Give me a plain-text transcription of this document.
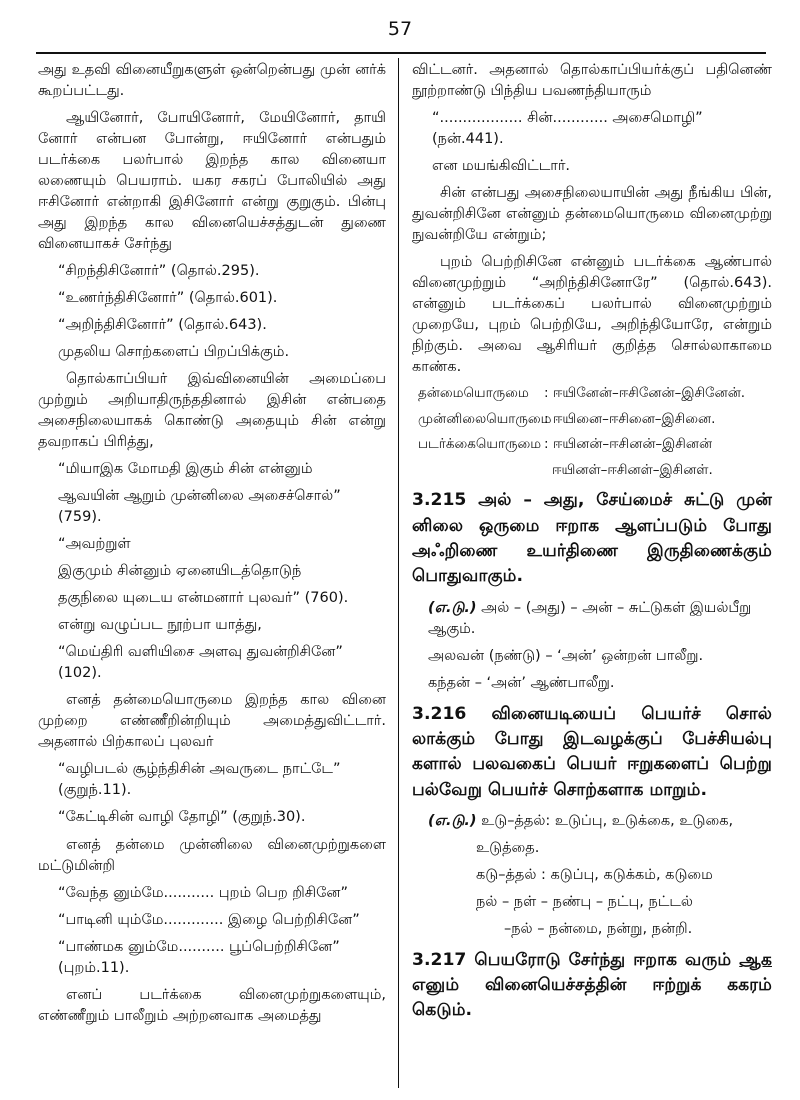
57

அது உதவி வினையீறுகளுள் ஒன்றென்பது முன் னர்க் கூறப்பட்டது.

ஆயினோர், போயினோர், மேயினோர், தாயி னோர் என்பன போன்று, ஈயினோர் என்பதும் படர்க்கை பலர்பால் இறந்த கால வினையா லணையும் பெயராம். யகர சகரப் போலியில் அது ஈசினோர் என்றாகி இசினோர் என்று குறுகும். பின்பு அது இறந்த கால வினையெச்சத்துடன் துணை வினையாகச் சேர்ந்து

“சிறந்திசினோர்” (தொல்.295).

“உணர்ந்திசினோர்” (தொல்.601).

“அறிந்திசினோர்” (தொல்.643).

முதலிய சொற்களைப் பிறப்பிக்கும்.

தொல்காப்பியர் இவ்வினையின் அமைப்பை முற்றும் அறியாதிருந்ததினால் இசின் என்பதை அசைநிலையாகக் கொண்டு அதையும் சின் என்று தவறாகப் பிரித்து,

“மியாஇக மோமதி இகும் சின் என்னும்

ஆவயின் ஆறும் முன்னிலை அசைச்சொல்” (759).

“அவற்றுள்

இகுமும் சின்னும் ஏனையிடத்தொடுந்

தகுநிலை யுடைய என்மனார் புலவர்” (760).

என்று வழுப்பட நூற்பா யாத்து,

“மெய்திரி வளியிசை அளவு துவன்றிசினே” (102).

எனத் தன்மையொருமை இறந்த கால வினை முற்றை எண்ணீறின்றியும் அமைத்துவிட்டார். அதனால் பிற்காலப் புலவர்

“வழிபடல் சூழ்ந்திசின் அவருடை நாட்டே” (குறுந்.11).

“கேட்டிசின் வாழி தோழி” (குறுந்.30).

எனத் தன்மை முன்னிலை வினைமுற்றுகளை மட்டுமின்றி

“வேந்த னும்மே........... புறம் பெற றிசினே”

“பாடினி யும்மே............. இழை பெற்றிசினே”

“பாண்மக னும்மே.......... பூப்பெற்றிசினே” (புறம்.11).

எனப் படர்க்கை வினைமுற்றுகளையும், எண்ணீறும் பாலீறும் அற்றனவாக அமைத்து

விட்டனர். அதனால் தொல்காப்பியர்க்குப் பதினெண் நூற்றாண்டு பிந்திய பவணந்தியாரும்

“.................. சின்............ அசைமொழி” (நன்.441).

என மயங்கிவிட்டார்.

சின் என்பது அசைநிலையாயின் அது நீங்கிய பின், துவன்றிசினே என்னும் தன்மையொருமை வினைமுற்று நுவன்றியே என்றும்;

புறம் பெற்றிசினே என்னும் படர்க்கை ஆண்பால் வினைமுற்றும் “அறிந்திசினோரே” (தொல்.643). என்னும் படர்க்கைப் பலர்பால் வினைமுற்றும் முறையே, புறம் பெற்றியே, அறிந்தியோரே, என்றும் நிற்கும். அவை ஆசிரியர் குறித்த சொல்லாகாமை காண்க.

தன்மையொருமை	: ஈயினேன்–ஈசினேன்–இசினேன்.
முன்னிலையொருமை
: ஈயினை–ஈசினை–இசினை.
படர்க்கையொருமை : ஈயினன்–ஈசினன்–இசினன்
ஈயினள்–ஈசினள்–இசினள்.

3.215 அல் – அது, சேய்மைச் சுட்டு முன் னிலை ஒருமை ஈறாக ஆளப்படும் போது அஃறிணை உயர்திணை இருதிணைக்கும் பொதுவாகும்.

(எ.டு.) அல் – (அது) – அன் – சுட்டுகள் இயல்பீறு ஆகும்.

அலவன் (நண்டு) – ‘அன்’ ஒன்றன் பாலீறு.

கந்தன் – ‘அன்’ ஆண்பாலீறு.

3.216 வினையடியைப் பெயர்ச் சொல் லாக்கும் போது இடவழக்குப் பேச்சியல்பு களால் பலவகைப் பெயர் ஈறுகளைப் பெற்று பல்வேறு பெயர்ச் சொற்களாக மாறும்.

(எ.டு.) உடு–த்தல்: உடுப்பு, உடுக்கை, உடுகை,

உடுத்தை.

கடு–த்தல் : கடுப்பு, கடுக்கம், கடுமை

நல் – நள் – நண்பு – நட்பு, நட்டல்

–நல் – நன்மை, நன்று, நன்றி.

3.217 பெயரோடு சேர்ந்து ஈறாக வரும் ஆக எனும் வினையெச்சத்தின் ஈற்றுக் ககரம் கெடும்.
